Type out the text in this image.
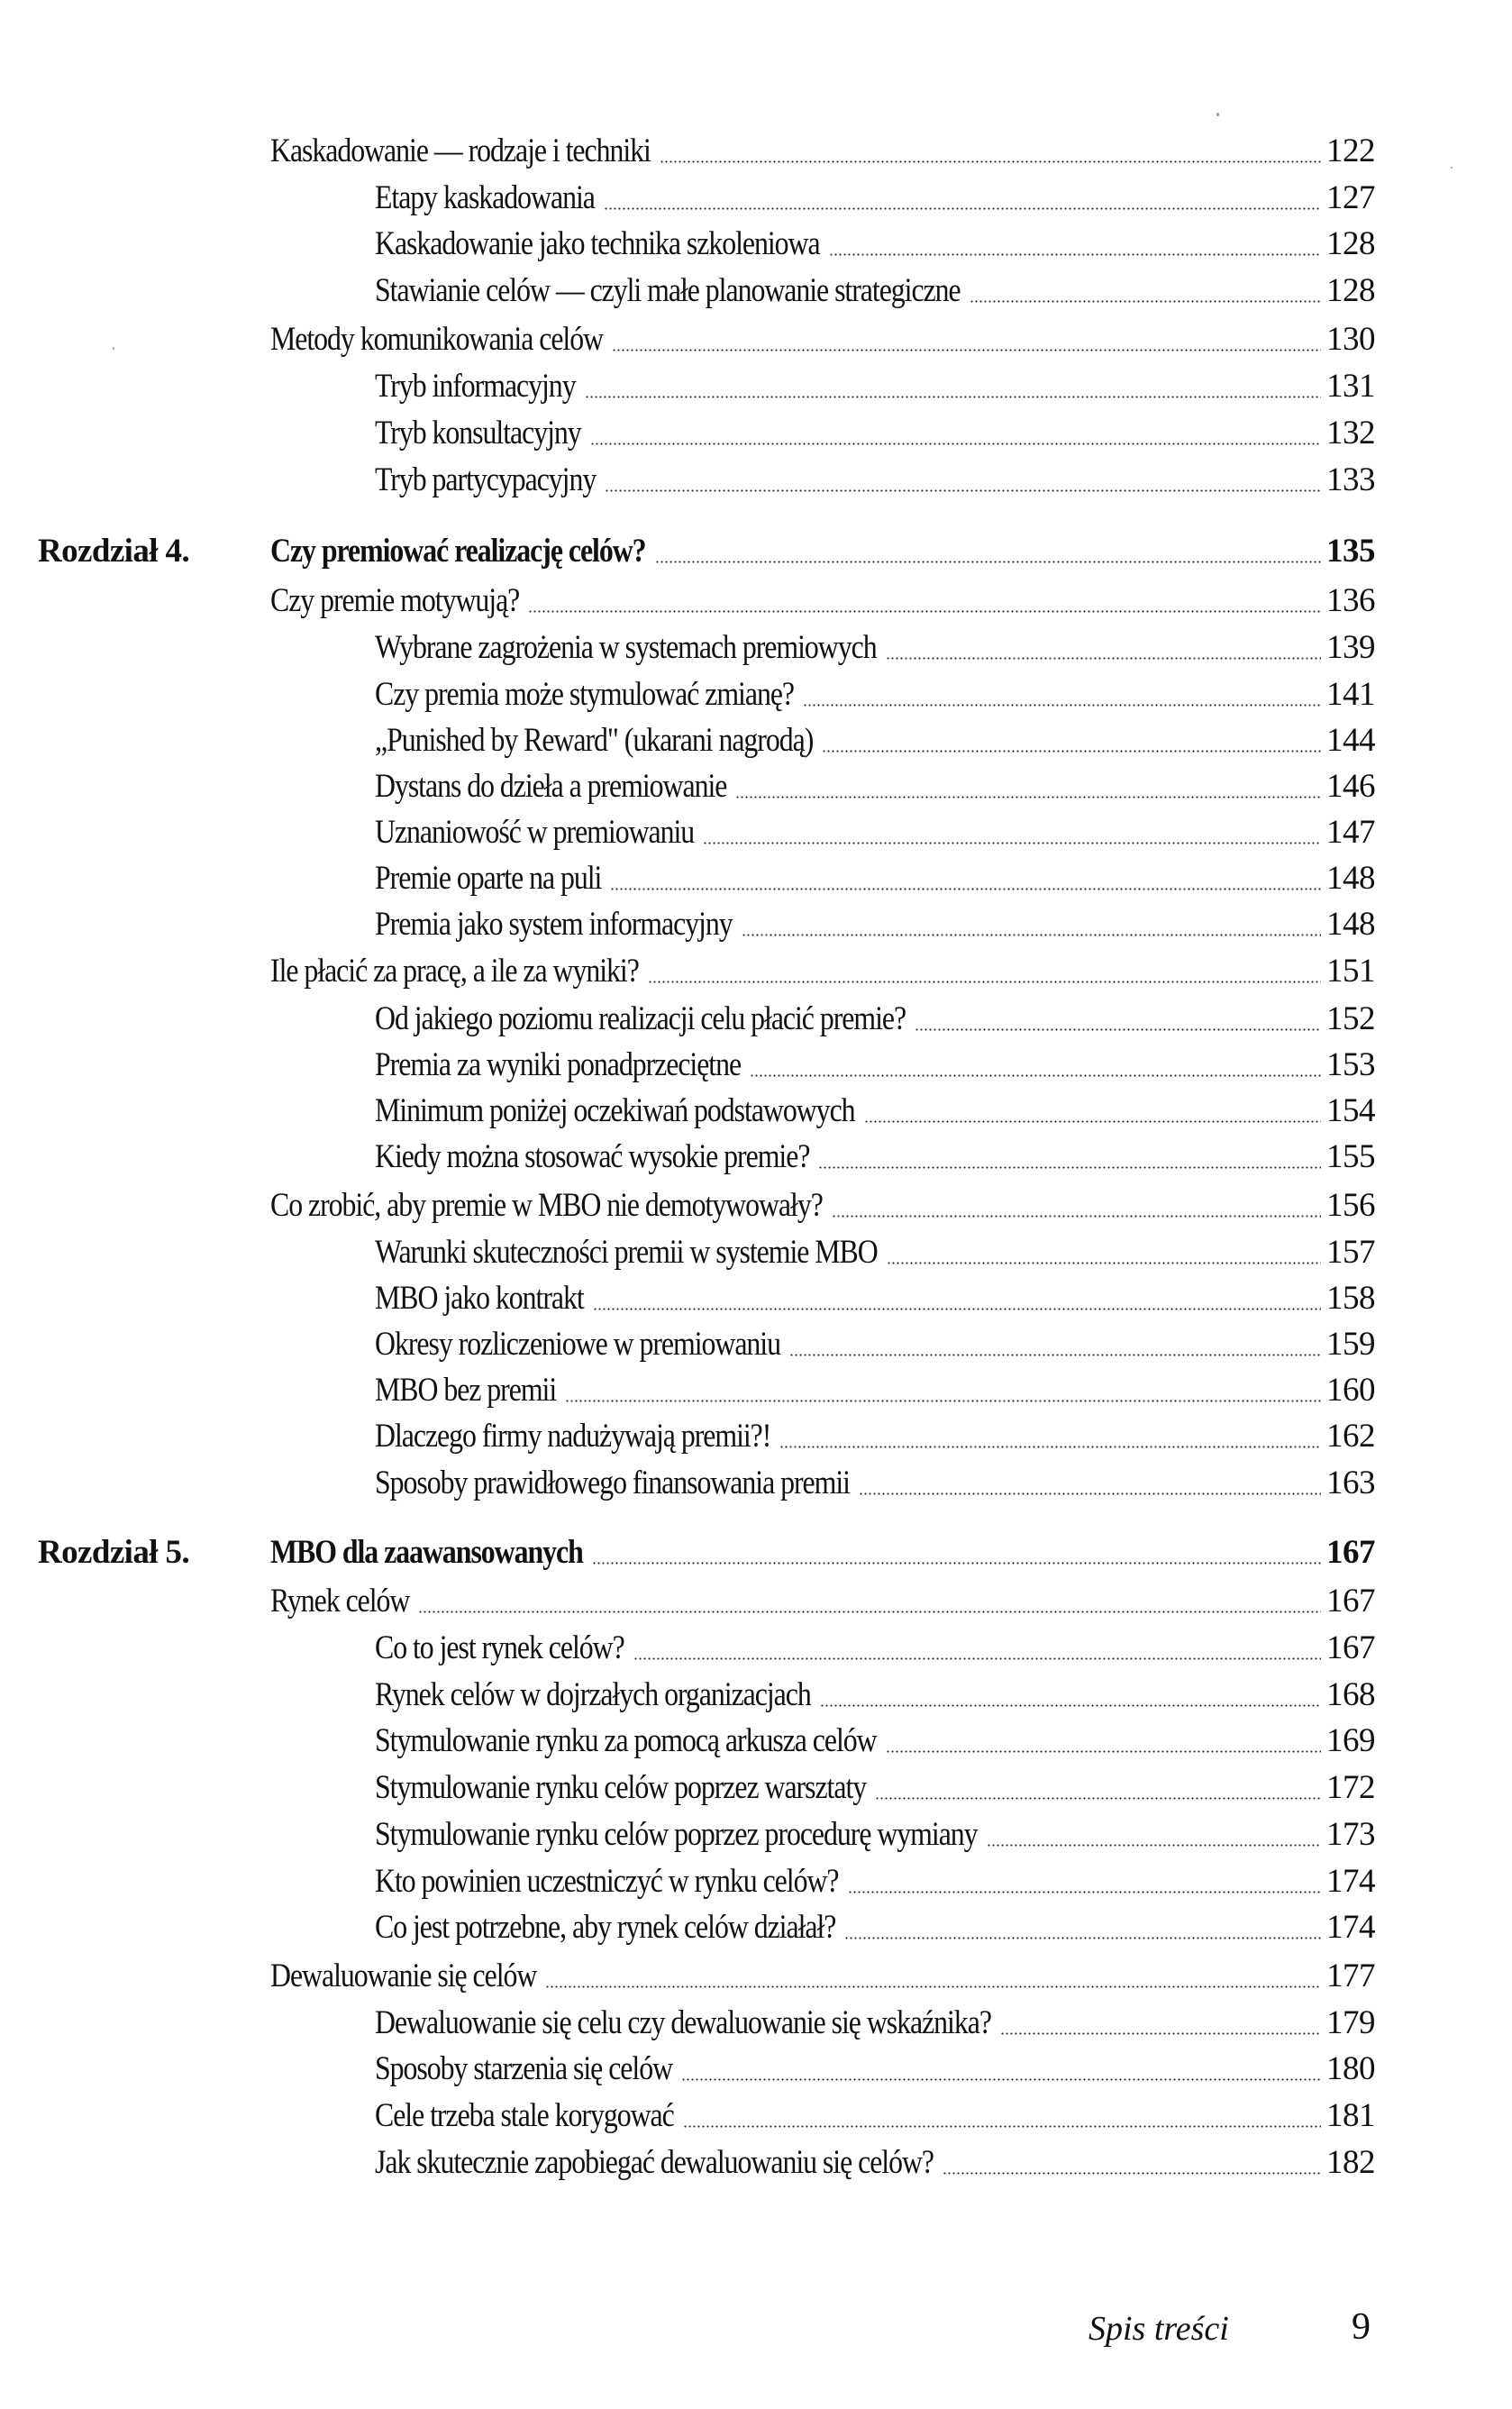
Kaskadowanie — rodzaje i techniki	122
Etapy kaskadowania	127
Kaskadowanie jako technika szkoleniowa	128
Stawianie celów — czyli małe planowanie strategiczne	128
Metody komunikowania celów	130
Tryb informacyjny	131
Tryb konsultacyjny	132
Tryb partycypacyjny	133
Rozdział 4. Czy premiować realizację celów?	135
Czy premie motywują?	136
Wybrane zagrożenia w systemach premiowych	139
Czy premia może stymulować zmianę?	141
„Punished by Reward" (ukarani nagrodą)	144
Dystans do dzieła a premiowanie	146
Uznaniowość w premiowaniu	147
Premie oparte na puli	148
Premia jako system informacyjny	148
Ile płacić za pracę, a ile za wyniki?	151
Od jakiego poziomu realizacji celu płacić premie?	152
Premia za wyniki ponadprzeciętne	153
Minimum poniżej oczekiwań podstawowych	154
Kiedy można stosować wysokie premie?	155
Co zrobić, aby premie w MBO nie demotywowały?	156
Warunki skuteczności premii w systemie MBO	157
MBO jako kontrakt	158
Okresy rozliczeniowe w premiowaniu	159
MBO bez premii	160
Dlaczego firmy nadużywają premii?!	162
Sposoby prawidłowego finansowania premii	163
Rozdział 5. MBO dla zaawansowanych	167
Rynek celów	167
Co to jest rynek celów?	167
Rynek celów w dojrzałych organizacjach	168
Stymulowanie rynku za pomocą arkusza celów	169
Stymulowanie rynku celów poprzez warsztaty	172
Stymulowanie rynku celów poprzez procedurę wymiany	173
Kto powinien uczestniczyć w rynku celów?	174
Co jest potrzebne, aby rynek celów działał?	174
Dewaluowanie się celów	177
Dewaluowanie się celu czy dewaluowanie się wskaźnika?	179
Sposoby starzenia się celów	180
Cele trzeba stale korygować	181
Jak skutecznie zapobiegać dewaluowaniu się celów?	182
Spis treści	9
